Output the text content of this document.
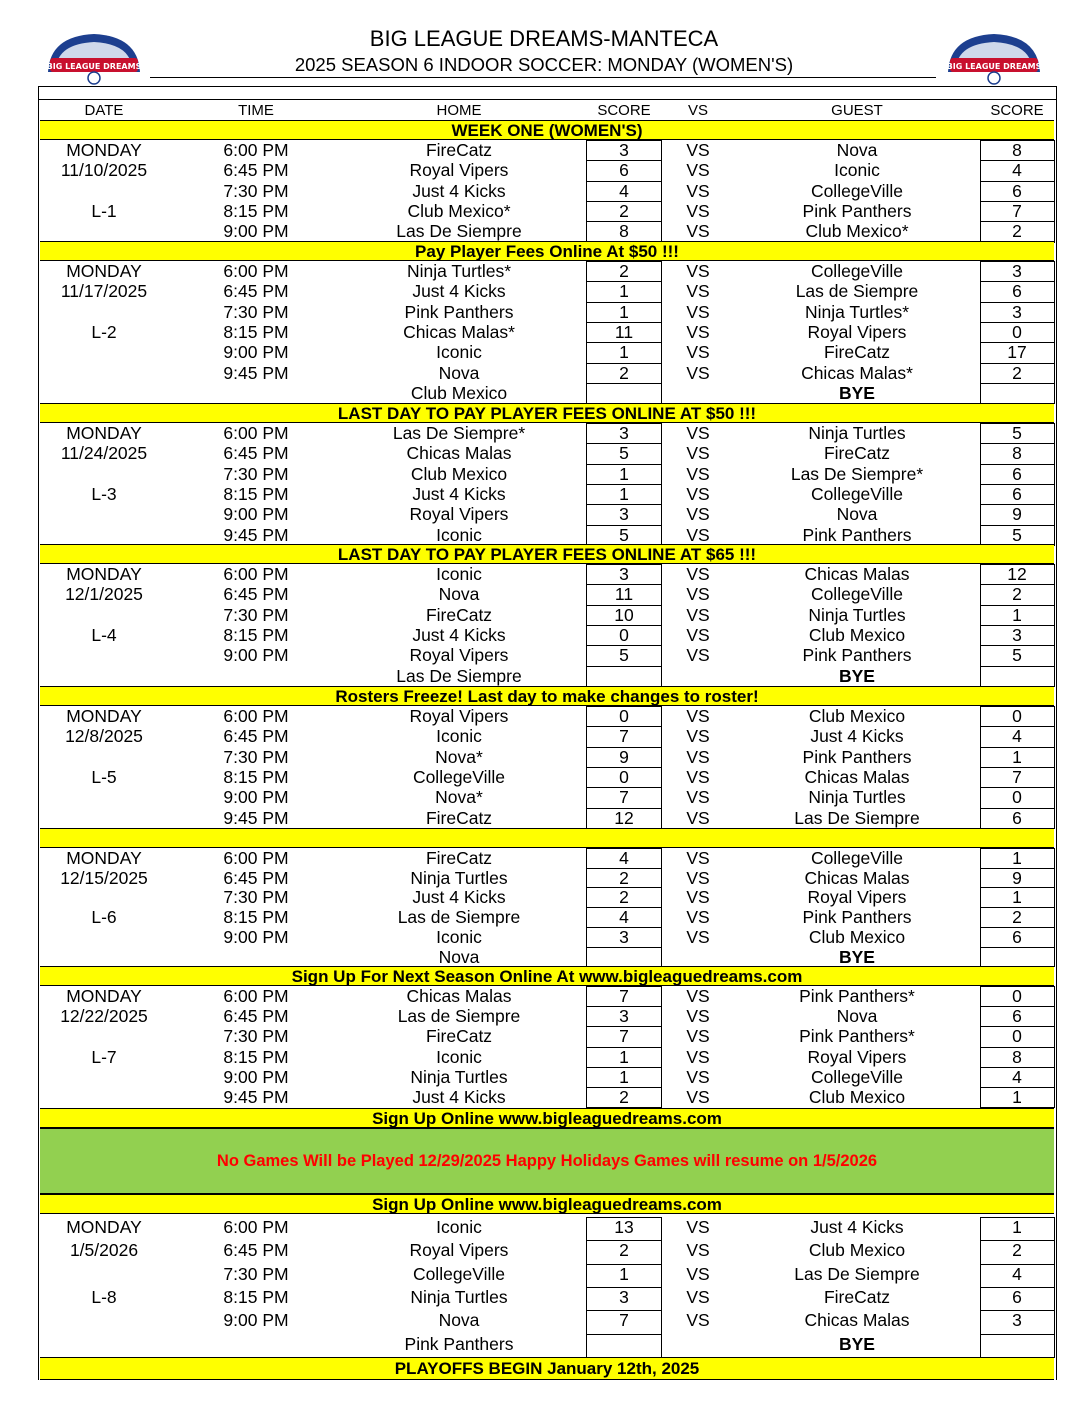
BIG LEAGUE DREAMS-MANTECA
2025 SEASON 6 INDOOR SOCCER: MONDAY (WOMEN'S)
BIG LEAGUE DREAMS	BIG LEAGUE DREAMS
DATE	TIME	HOME	SCORE	VS	GUEST	SCORE
WEEK ONE (WOMEN'S)
MONDAY	6:00 PM	FireCatz	3	VS	Nova	8
11/10/2025	6:45 PM	Royal Vipers	6	VS	Iconic	4
7:30 PM	Just 4 Kicks	4	VS	CollegeVille	6
L-1	8:15 PM	Club Mexico*	2	VS	Pink Panthers	7
9:00 PM	Las De Siempre	8	VS	Club Mexico*	2
Pay Player Fees Online At $50 !!!
MONDAY	6:00 PM	Ninja Turtles*	2	VS	CollegeVille	3
11/17/2025	6:45 PM	Just 4 Kicks	1	VS	Las de Siempre	6
7:30 PM	Pink Panthers	1	VS	Ninja Turtles*	3
L-2	8:15 PM	Chicas Malas*	11	VS	Royal Vipers	0
9:00 PM	Iconic	1	VS	FireCatz	17
9:45 PM	Nova	2	VS	Chicas Malas*	2
Club Mexico	BYE
LAST DAY TO PAY PLAYER FEES ONLINE AT $50 !!!
MONDAY	6:00 PM	Las De Siempre*	3	VS	Ninja Turtles	5
11/24/2025	6:45 PM	Chicas Malas	5	VS	FireCatz	8
7:30 PM	Club Mexico	1	VS	Las De Siempre*	6
L-3	8:15 PM	Just 4 Kicks	1	VS	CollegeVille	6
9:00 PM	Royal Vipers	3	VS	Nova	9
9:45 PM	Iconic	5	VS	Pink Panthers	5
LAST DAY TO PAY PLAYER FEES ONLINE AT $65 !!!
MONDAY	6:00 PM	Iconic	3	VS	Chicas Malas	12
12/1/2025	6:45 PM	Nova	11	VS	CollegeVille	2
7:30 PM	FireCatz	10	VS	Ninja Turtles	1
L-4	8:15 PM	Just 4 Kicks	0	VS	Club Mexico	3
9:00 PM	Royal Vipers	5	VS	Pink Panthers	5
Las De Siempre	BYE
Rosters Freeze! Last day to make changes to roster!
MONDAY	6:00 PM	Royal Vipers	0	VS	Club Mexico	0
12/8/2025	6:45 PM	Iconic	7	VS	Just 4 Kicks	4
7:30 PM	Nova*	9	VS	Pink Panthers	1
L-5	8:15 PM	CollegeVille	0	VS	Chicas Malas	7
9:00 PM	Nova*	7	VS	Ninja Turtles	0
9:45 PM	FireCatz	12	VS	Las De Siempre	6
MONDAY	6:00 PM	FireCatz	4	VS	CollegeVille	1
12/15/2025	6:45 PM	Ninja Turtles	2	VS	Chicas Malas	9
7:30 PM	Just 4 Kicks	2	VS	Royal Vipers	1
L-6	8:15 PM	Las de Siempre	4	VS	Pink Panthers	2
9:00 PM	Iconic	3	VS	Club Mexico	6
Nova	BYE
Sign Up For Next Season Online At www.bigleaguedreams.com
MONDAY	6:00 PM	Chicas Malas	7	VS	Pink Panthers*	0
12/22/2025	6:45 PM	Las de Siempre	3	VS	Nova	6
7:30 PM	FireCatz	7	VS	Pink Panthers*	0
L-7	8:15 PM	Iconic	1	VS	Royal Vipers	8
9:00 PM	Ninja Turtles	1	VS	CollegeVille	4
9:45 PM	Just 4 Kicks	2	VS	Club Mexico	1
Sign Up Online www.bigleaguedreams.com
MONDAY	6:00 PM	Iconic	13	VS	Just 4 Kicks	1
1/5/2026	6:45 PM	Royal Vipers	2	VS	Club Mexico	2
7:30 PM	CollegeVille	1	VS	Las De Siempre	4
L-8	8:15 PM	Ninja Turtles	3	VS	FireCatz	6
9:00 PM	Nova	7	VS	Chicas Malas	3
Pink Panthers	BYE
Sign Up Online www.bigleaguedreams.com
No Games Will be Played 12/29/2025 Happy Holidays Games will resume on 1/5/2026
PLAYOFFS BEGIN January 12th, 2025
